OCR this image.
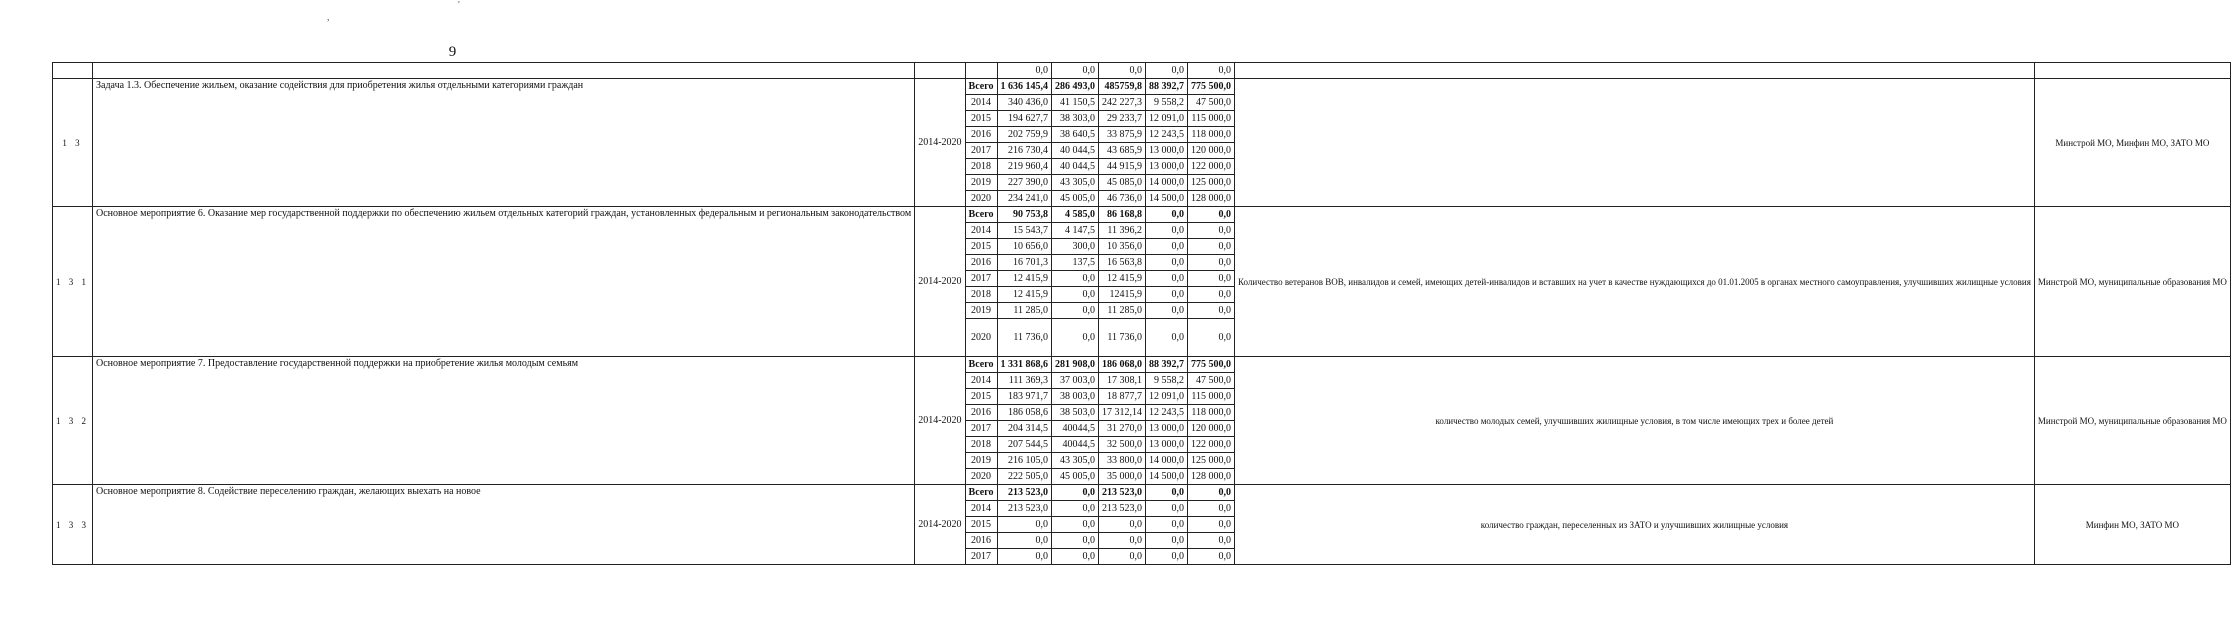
9
'
,
				0,0	0,0	0,0	0,0	0,0		
1 3	Задача 1.3. Обеспечение жильем, оказание содействия для приобретения жилья отдельными категориями граждан	2014-2020	Всего	1 636 145,4	286 493,0	485759,8	88 392,7	775 500,0		Минстрой МО, Минфин МО, ЗАТО МО
			2014	340 436,0	41 150,5	242 227,3	9 558,2	47 500,0		
			2015	194 627,7	38 303,0	29 233,7	12 091,0	115 000,0		
			2016	202 759,9	38 640,5	33 875,9	12 243,5	118 000,0		
			2017	216 730,4	40 044,5	43 685,9	13 000,0	120 000,0		
			2018	219 960,4	40 044,5	44 915,9	13 000,0	122 000,0		
			2019	227 390,0	43 305,0	45 085,0	14 000,0	125 000,0		
			2020	234 241,0	45 005,0	46 736,0	14 500,0	128 000,0		
1 3 1	Основное мероприятие 6. Оказание мер государственной поддержки по обеспечению жильем отдельных категорий граждан, установленных федеральным и региональным законодательством	2014-2020	Всего	90 753,8	4 585,0	86 168,8	0,0	0,0	Количество ветеранов ВОВ, инвалидов и семей, имеющих детей-инвалидов и вставших на учет в качестве нуждающихся до 01.01.2005 в органах местного самоуправления, улучшивших жилищные условия	Минстрой МО, муниципальные образования МО
			2014	15 543,7	4 147,5	11 396,2	0,0	0,0		
			2015	10 656,0	300,0	10 356,0	0,0	0,0		
			2016	16 701,3	137,5	16 563,8	0,0	0,0		
			2017	12 415,9	0,0	12 415,9	0,0	0,0		
			2018	12 415,9	0,0	12415,9	0,0	0,0		
			2019	11 285,0	0,0	11 285,0	0,0	0,0		
			2020	11 736,0	0,0	11 736,0	0,0	0,0		
1 3 2	Основное мероприятие 7. Предоставление государственной поддержки на приобретение жилья молодым семьям	2014-2020	Всего	1 331 868,6	281 908,0	186 068,0	88 392,7	775 500,0	количество молодых семей, улучшивших жилищные условия, в том числе имеющих трех и более детей	Минстрой МО, муниципальные образования МО
			2014	111 369,3	37 003,0	17 308,1	9 558,2	47 500,0		
			2015	183 971,7	38 003,0	18 877,7	12 091,0	115 000,0		
			2016	186 058,6	38 503,0	17 312,14	12 243,5	118 000,0		
			2017	204 314,5	40044,5	31 270,0	13 000,0	120 000,0		
			2018	207 544,5	40044,5	32 500,0	13 000,0	122 000,0		
			2019	216 105,0	43 305,0	33 800,0	14 000,0	125 000,0		
			2020	222 505,0	45 005,0	35 000,0	14 500,0	128 000,0		
1 3 3	Основное мероприятие 8. Содействие переселению граждан, желающих выехать на новое	2014-2020	Всего	213 523,0	0,0	213 523,0	0,0	0,0	количество граждан, переселенных из ЗАТО и улучшивших жилищные условия	Минфин МО, ЗАТО МО
			2014	213 523,0	0,0	213 523,0	0,0	0,0		
			2015	0,0	0,0	0,0	0,0	0,0		
			2016	0,0	0,0	0,0	0,0	0,0		
			2017	0,0	0,0	0,0	0,0	0,0		
